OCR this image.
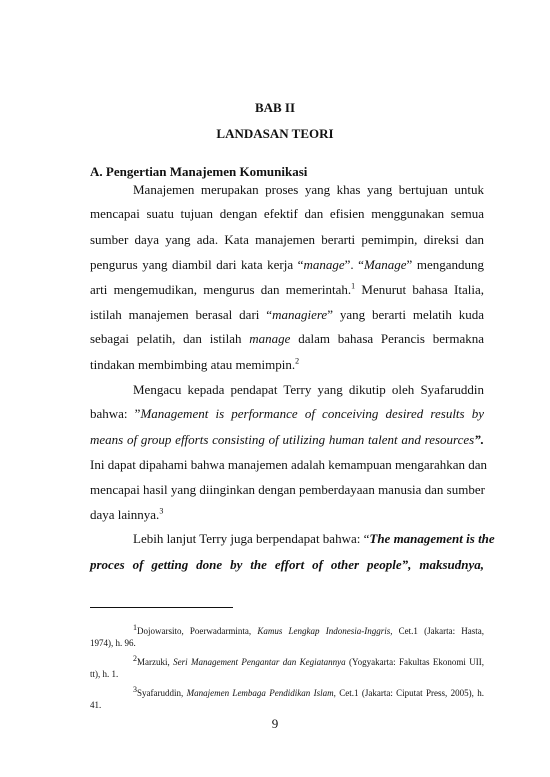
BAB II
LANDASAN TEORI
A. Pengertian Manajemen Komunikasi
Manajemen merupakan proses yang khas yang bertujuan untuk
mencapai suatu tujuan dengan efektif dan efisien menggunakan semua
sumber daya yang ada. Kata manajemen berarti pemimpin, direksi dan
pengurus yang diambil dari kata kerja “manage”. “Manage” mengandung
arti mengemudikan, mengurus dan memerintah.$^1$ Menurut bahasa Italia,
istilah manajemen berasal dari “managiere” yang berarti melatih kuda
sebagai pelatih, dan istilah manage dalam bahasa Perancis bermakna
tindakan membimbing atau memimpin.$^2$
Mengacu kepada pendapat Terry yang dikutip oleh Syafaruddin
bahwa: ”Management is performance of conceiving desired results by
means of group efforts consisting of utilizing human talent and resources”.
Ini dapat dipahami bahwa manajemen adalah kemampuan mengarahkan dan
mencapai hasil yang diinginkan dengan pemberdayaan manusia dan sumber
daya lainnya.$^3$
Lebih lanjut Terry juga berpendapat bahwa: “The management is the
proces of getting done by the effort of other people”, maksudnya,
$^1$Dojowarsito, Poerwadarminta, Kamus Lengkap Indonesia-Inggris, Cet.1 (Jakarta: Hasta,
1974), h. 96.
$^2$Marzuki, Seri Management Pengantar dan Kegiatannya (Yogyakarta: Fakultas Ekonomi UII,
tt), h. 1.
$^3$Syafaruddin, Manajemen Lembaga Pendidikan Islam, Cet.1 (Jakarta: Ciputat Press, 2005), h.
41.
9
